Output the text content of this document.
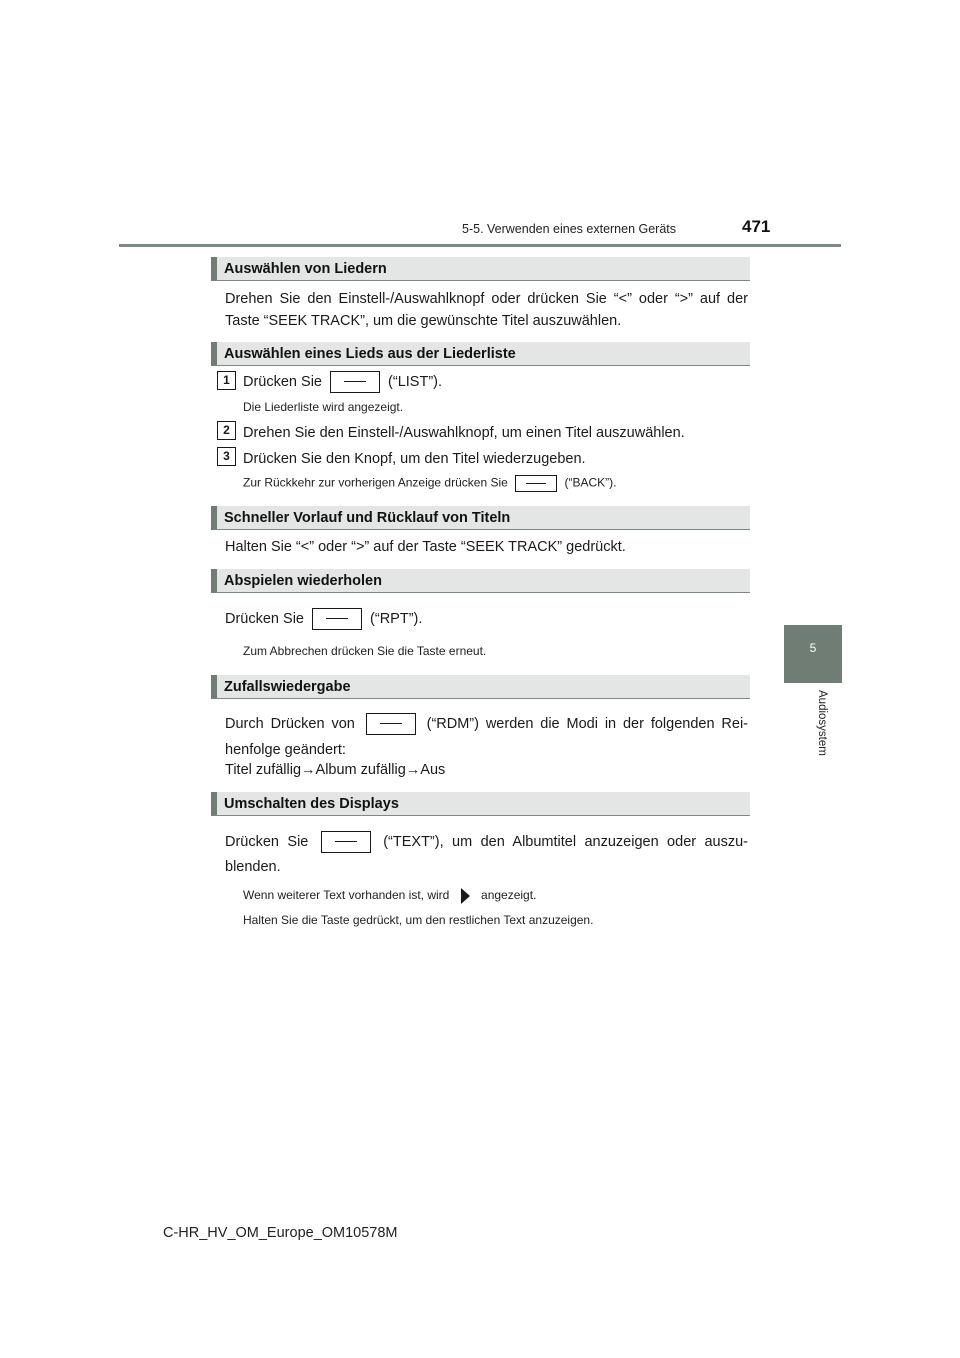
5-5. Verwenden eines externen Geräts	471
5
Audiosystem
Auswählen von Liedern
Drehen Sie den Einstell-/Auswahlknopf oder drücken Sie “<” oder “>” auf der
Taste “SEEK TRACK”, um die gewünschte Titel auszuwählen.
Auswählen eines Lieds aus der Liederliste
1 Drücken Sie	(“LIST”).
Die Liederliste wird angezeigt.
2 Drehen Sie den Einstell-/Auswahlknopf, um einen Titel auszuwählen.
3 Drücken Sie den Knopf, um den Titel wiederzugeben.
Zur Rückkehr zur vorherigen Anzeige drücken Sie	(“BACK”).
Schneller Vorlauf und Rücklauf von Titeln
Halten Sie “<” oder “>” auf der Taste “SEEK TRACK” gedrückt.
Abspielen wiederholen
Drücken Sie	(“RPT”).
Zum Abbrechen drücken Sie die Taste erneut.
Zufallswiedergabe
Durch Drücken von	(“RDM”) werden die Modi in der folgenden Rei-
henfolge geändert:
Titel zufällig→Album zufällig→Aus
Umschalten des Displays
Drücken Sie	(“TEXT”), um den Albumtitel anzuzeigen oder auszu-
blenden.
Wenn weiterer Text vorhanden ist, wird	angezeigt.
Halten Sie die Taste gedrückt, um den restlichen Text anzuzeigen.
C-HR_HV_OM_Europe_OM10578M
